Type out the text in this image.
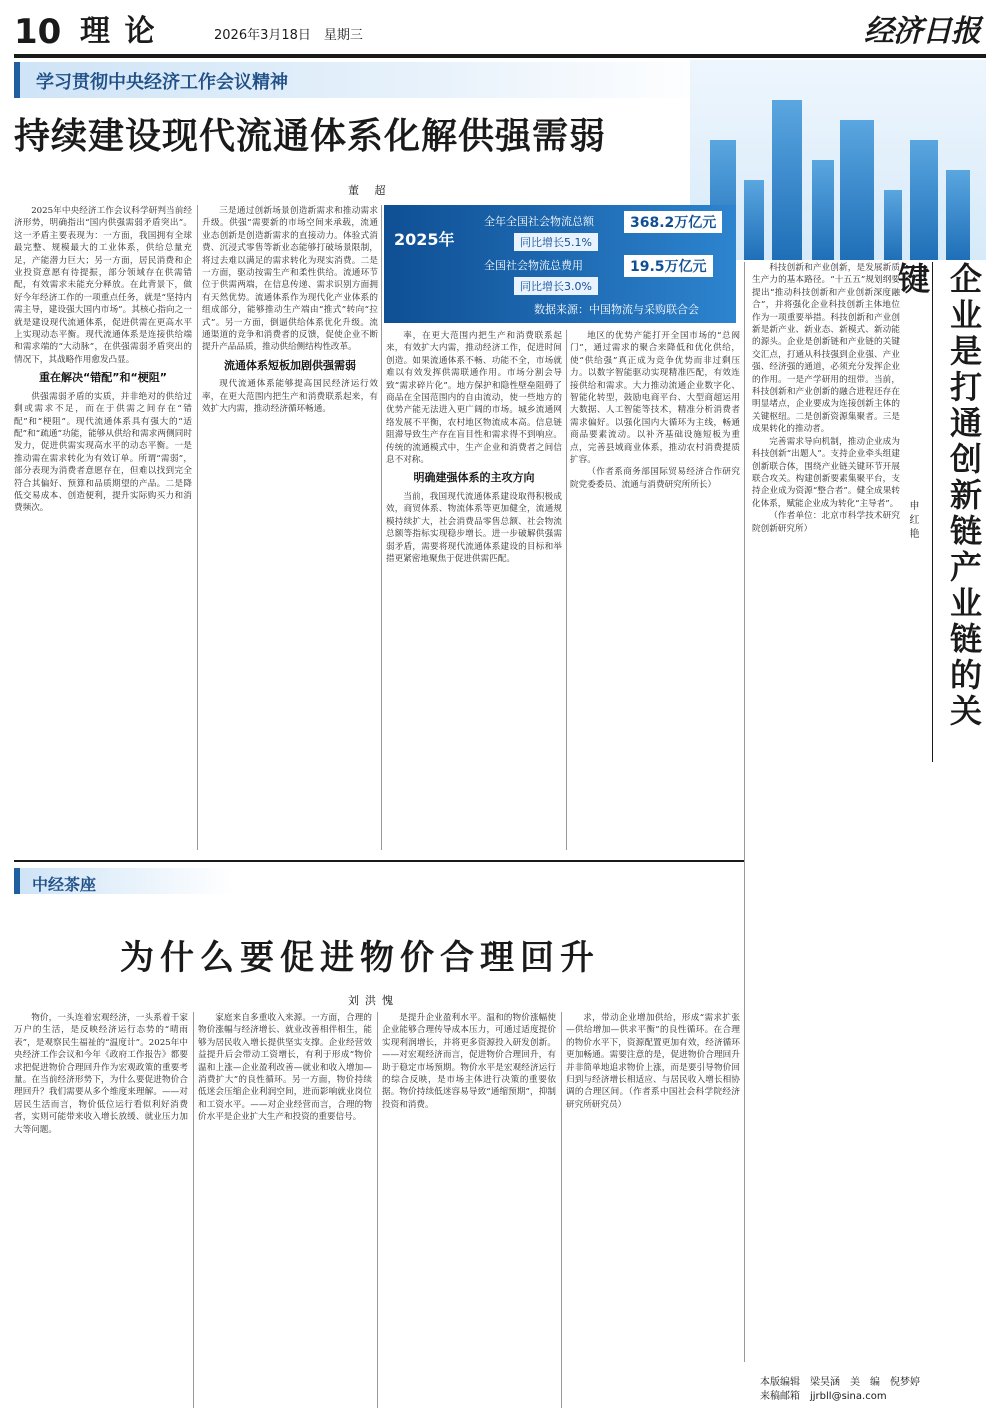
10 理 论	2026年3月18日　星期三	经济日报
学习贯彻中央经济工作会议精神
持续建设现代流通体系化解供强需弱
董 超
2025年
全年全国社会物流总额	368.2万亿元
同比增长5.1%
全国社会物流总费用	19.5万亿元
同比增长3.0%
数据来源：中国物流与采购联合会

2025年中央经济工作会议科学研判当前经济形势，明确指出“国内供强需弱矛盾突出”。这一矛盾主要表现为：一方面，我国拥有全球最完整、规模最大的工业体系，供给总量充足，产能潜力巨大；另一方面，居民消费和企业投资意愿有待提振，部分领域存在供需错配，有效需求未能充分释放。在此背景下，做好今年经济工作的一项重点任务，就是“坚持内需主导，建设强大国内市场”。其核心指向之一就是建设现代流通体系，促进供需在更高水平上实现动态平衡。现代流通体系是连接供给端和需求端的“大动脉”，在供强需弱矛盾突出的情况下，其战略作用愈发凸显。

重在解决“错配”和“梗阻”

供强需弱矛盾的实质，并非绝对的供给过剩或需求不足，而在于供需之间存在“错配”和“梗阻”。现代流通体系具有强大的“适配”和“疏通”功能，能够从供给和需求两侧同时发力，促进供需实现高水平的动态平衡。一是推动需在需求转化为有效订单。所谓“需弱”，部分表现为消费者意愿存在，但难以找到完全符合其偏好、预算和品质期望的产品。二是降低交易成本、创造便利，提升实际购买力和消费频次。

三是通过创新场景创造新需求和推动需求升级。供强“需要新的市场空间来承载，流通业态创新是创造新需求的直接动力。体验式消费、沉浸式零售等新业态能够打破场景限制，将过去难以满足的需求转化为现实消费。二是一方面，驱动按需生产和柔性供给。流通环节位于供需两端，在信息传递、需求识别方面拥有天然优势。流通体系作为现代化产业体系的组成部分，能够推动生产端由“推式”转向“拉式”。另一方面，倒逼供给体系优化升级。流通渠道的竞争和消费者的反馈，促使企业不断提升产品品质，推动供给侧结构性改革。

流通体系短板加剧供强需弱

现代流通体系能够提高国民经济运行效率，在更大范围内把生产和消费联系起来，有效扩大内需，推动经济循环畅通。

率，在更大范围内把生产和消费联系起来，有效扩大内需，推动经济工作，促进时间创造。如果流通体系不畅、功能不全，市场就难以有效发挥供需联通作用。市场分割会导致“需求碎片化”。地方保护和隐性壁垒阻碍了商品在全国范围内的自由流动，使一些地方的优势产能无法进入更广阔的市场。城乡流通网络发展不平衡，农村地区物流成本高。信息链阻滞导致生产存在盲目性和需求得不到响应。传统的流通模式中，生产企业和消费者之间信息不对称。

明确建强体系的主攻方向

当前，我国现代流通体系建设取得积极成效，商贸体系、物流体系等更加健全，流通规模持续扩大，社会消费品零售总额、社会物流总额等指标实现稳步增长。进一步破解供强需弱矛盾，需要将现代流通体系建设的目标和举措更紧密地聚焦于促进供需匹配。

地区的优势产能打开全国市场的“总阀门”，通过需求的聚合来降低和优化供给，使“供给强”真正成为竞争优势而非过剩压力。以数字智能驱动实现精准匹配，有效连接供给和需求。大力推动流通企业数字化、智能化转型，鼓励电商平台、大型商超运用大数据、人工智能等技术，精准分析消费者需求偏好。以强化国内大循环为主线，畅通商品要素流动。以补齐基础设施短板为重点，完善县域商业体系，推动农村消费提质扩容。

（作者系商务部国际贸易经济合作研究院党委委员、流通与消费研究所所长）

科技创新和产业创新，是发展新质生产力的基本路径。“十五五”规划纲要提出“推动科技创新和产业创新深度融合”，并将强化企业科技创新主体地位作为一项重要举措。科技创新和产业创新是新产业、新业态、新模式、新动能的源头。企业是创新链和产业链的关键交汇点，打通从科技强到企业强、产业强、经济强的通道，必须充分发挥企业的作用。一是产学研用的纽带。当前，科技创新和产业创新的融合进程还存在明显堵点，企业要成为连接创新主体的关键枢纽。二是创新资源集聚者。三是成果转化的推动者。

完善需求导向机制，推动企业成为科技创新“出题人”。支持企业牵头组建创新联合体，围绕产业链关键环节开展联合攻关。构建创新要素集聚平台，支持企业成为资源“整合者”。健全成果转化体系，赋能企业成为转化“主导者”。

（作者单位：北京市科学技术研究院创新研究所）	企业是打通创新链产业链的关键
申红艳
中经茶座
为什么要促进物价合理回升
刘洪愧

物价，一头连着宏观经济，一头系着千家万户的生活，是反映经济运行态势的“晴雨表”，是观察民生福祉的“温度计”。2025年中央经济工作会议和今年《政府工作报告》都要求把促进物价合理回升作为宏观政策的重要考量。在当前经济形势下，为什么要促进物价合理回升？我们需要从多个维度来理解。——对居民生活而言，物价低位运行看似利好消费者，实则可能带来收入增长放缓、就业压力加大等问题。

家庭来自多重收入来源。一方面，合理的物价涨幅与经济增长、就业改善相伴相生，能够为居民收入增长提供坚实支撑。企业经营效益提升后会带动工资增长，有利于形成“物价温和上涨—企业盈利改善—就业和收入增加—消费扩大”的良性循环。另一方面，物价持续低迷会压缩企业利润空间，进而影响就业岗位和工资水平。——对企业经营而言，合理的物价水平是企业扩大生产和投资的重要信号。

是提升企业盈利水平。温和的物价涨幅使企业能够合理传导成本压力，可通过适度提价实现利润增长，并将更多资源投入研发创新。——对宏观经济而言，促进物价合理回升，有助于稳定市场预期。物价水平是宏观经济运行的综合反映，是市场主体进行决策的重要依据。物价持续低迷容易导致“通缩预期”，抑制投资和消费。

求，带动企业增加供给，形成“需求扩张—供给增加—供求平衡”的良性循环。在合理的物价水平下，资源配置更加有效，经济循环更加畅通。需要注意的是，促进物价合理回升并非简单地追求物价上涨，而是要引导物价回归到与经济增长相适应、与居民收入增长相协调的合理区间。（作者系中国社会科学院经济研究所研究员）

本版编辑　梁昊涵　美　编　倪梦婷
来稿邮箱　jjrbll@sina.com
